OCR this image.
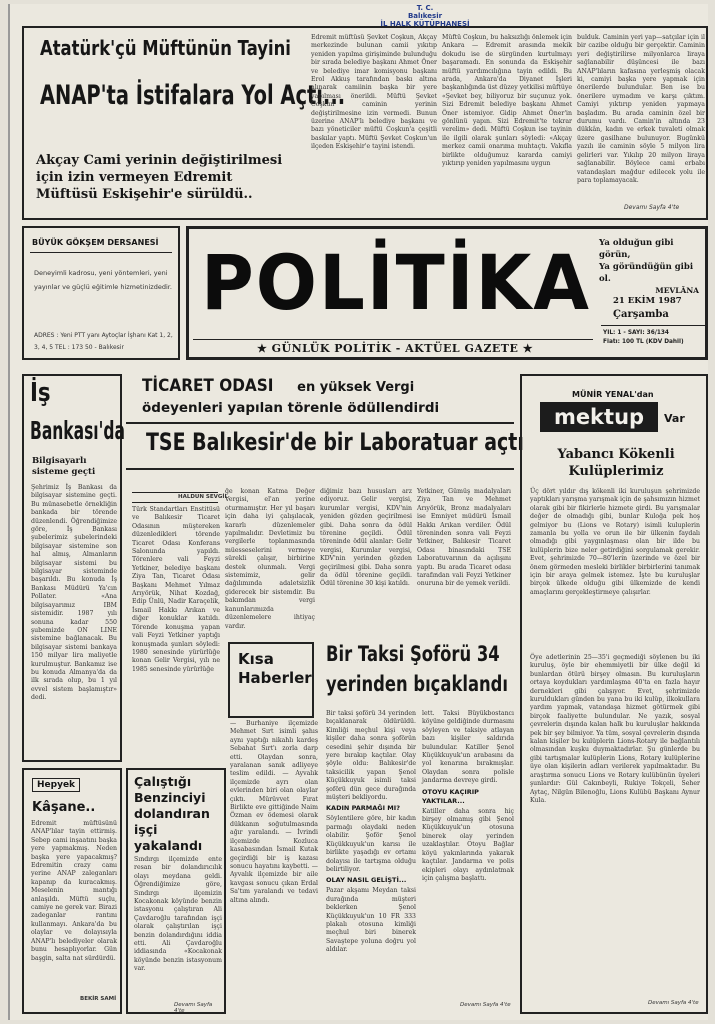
T. C.
Balıkesir
İL HALK KÜTÜPHANESİ
Atatürk'çü Müftünün Tayini
ANAP'ta İstifalara Yol Açtı...
Akçay Cami yerinin değiştirilmesi için izin vermeyen Edremit Müftüsü Eskişehir'e sürüldü..
Edremit müftüsü Şevket Coşkun, Akçay merkezinde bulunan camii yıkıtıp yeniden yapılma girişiminde bulunduğu bir sırada belediye başkanı Ahmet Öner ve belediye imar komisyonu başkanı Erol Akkuş tarafından baskı altına alınarak camiinin başka bir yere yapılması önerildi. Müftü Şevket Coşkun caminin yerinin değiştirilmesine izin vermedi. Bunun üzerine ANAP'lı belediye başkanı ve bazı yöneticiler müftü Coşkun'a çeşitli baskılar yaptı. Müftü Şevket Coşkun'un ilçeden Eskişehir'e tayini istendi.
Müftü Coşkun, bu haksızlığı önlemek için Ankara — Edremit arasında mekik dokudu ise de sürgünden kurtulmayı başaramadı. En sonunda da Eskişehir müftü yardımcılığına tayin edildi. Bu arada, Ankara'da Diyanet İşleri başkanlığında üst düzey yetkilisi müftüye «Şevket bey, biliyoruz bir suçunuz yok. Sizi Edremit belediye başkanı Ahmet Öner istemiyor. Gidip Ahmet Öner'in gönlünü yapın. Sizi Edremit'te tekrar verelim» dedi. Müftü Coşkun ise tayinin ile ilgili olarak şunları söyledi: «Akçay merkez camii onarıma muhtaçtı. Vakıfla birlikte olduğumuz kararda camiyi yıktırıp yeniden yapılmasını uygun
bulduk. Caminin yeri yap—satçılar için il bir cazibe olduğu bir gerçektir. Caminin yeri değiştirilirse milyonlarca liraya sağlanabilir düşüncesi ile bazı ANAP'lıların kafasına yerleşmiş olacak ki, camiyi başka yere yapmak için önerilerde bulundular. Ben ise bu önerilere uymadım ve karşı çıktım. Camiyi yıktırıp yeniden yapmaya başladım. Bu arada caminin özel bir durumu vardı. Camin'in altında 23 dükkân, kadın ve erkek tuvaleti olmak üzere gasilhane bulunuyor. Bugünkü yazılı ile caminin söyle 5 milyon lira gelirleri var. Yıkılıp 20 milyon liraya sağlanabilir. Böylece cami erbabı vatandaşları mağdur edilecek yolu ile para toplamayacak.
Devamı Sayfa 4'te
BÜYÜK GÖKŞEM DERSANESİ
Deneyimli kadrosu, yeni yöntemleri, yeni yayınlar ve güçlü eğitimle hizmetinizdedir.
ADRES : Yeni PTT yanı Aytoçlar İşhanı Kat 1, 2, 3, 4, 5 TEL : 173 50 - Balıkesir
POLİTİKA Ya olduğun gibi görün,
Ya göründüğün gibi ol.
MEVLÂNA
21 EKİM 1987
Çarşamba
YIL: 1 - SAYI: 36/134
Fiatı: 100 TL (KDV Dahil)
★ GÜNLÜK POLİTİK - AKTÜEL GAZETE ★
İş
Bankası'da
Bilgisayarlı sisteme geçti
Şehrimiz İş Bankası da bilgisayar sistemine geçti. Bu münasebetle örnekliğin bankada bir törende düzenlendi. Öğrendiğimize göre, İş Bankası şubelerimiz şubelerindeki bilgisayar sistemine son hal almış, Almanların bilgisayar sistemi bu bilgisayar sisteminde başarıldı. Bu konuda İş Bankası Müdürü Ya'cın Pollater. «Ana bilgisayarımız IBM sistemidir. 1987 yılı sonuna kadar 550 şubemizde ON LINE sistemine bağlanacak. Bu bilgisayar sistemi bankaya 150 milyar lira maliyetle kurulmuştur. Bankamız ise bu konuda Almanya'da da ilk sırada olup, bu 1 yıl evvel sistem başlamıştır» dedi.
Hepyek
Kâşane..
Edremit müftüsünü ANAP'lılar tayin ettirmiş. Sebep cami inşaatını başka yere yapmakmış. Neden başka yere yapacakmış? Edremitin crazy camı yerine ANAP zaleganları kapanıp da kuracakmış. Meselenin mantığı anlaşıldı. Müftü suçlu, camiye ne gerek var. Birazi zadeganlar rantını kullanmayı. Ankara'da bu olaylar ve dolayısıyla ANAP'lı belediyeler olarak bunu hesaplıyorlar. Gün başgin, salta nat sürdürdü.
BEKİR SAMİ
TİCARET ODASI en yüksek Vergi
ödeyenleri yapılan törenle ödüllendirdi
TSE Balıkesir'de bir Laboratuar açtı
HALDUN SEVGİL
Türk Standartları Enstitüsü ve Balıkesir Ticaret Odasının müştereken düzenledikleri törende Ticaret Odası Konferans Salonunda yapıldı. Törenlere vali Feyzi Yetkiner, belediye başkanı Ziya Tan, Ticaret Odası Başkanı Mehmet Yılmaz Arıyörük, Nihat Kozdağ, Edip Ünlü, Nadir Karaçelik, İsmail Hakkı Arıkan ve diğer konuklar katıldı. Törende konuşma yapan vali Feyzi Yetkiner yaptığı konuşmada şunları söyledi: 1980 senesinde yürürlüğe konan Gelir Vergisi, yılı ne 1985 senesinde yürürlüğe
ğe konan Katma Değer Vergisi, el'an yerine oturmamıştır. Her yıl başarı için daha iyi çalışılacak, kararlı düzenlemeler yapılmalıdır. Devletimiz bu vergilerle toplanmasında müesseselerini vermeye sürekli çalışır, birbirine destek olunmalı. Vergi sistemimiz, gelir dağılımında adaletsizlik giderecek bir sistemdir. Bu bakımdan vergi kanunlarımızda düzenlemelere ihtiyaç vardır.
diğimiz bazı hususları arz ediyoruz. Gelir vergisi, kurumlar vergisi, KDV'nin yeniden gözden geçirilmesi gibi. Daha sonra da ödül törenine geçildi. Ödül töreninde ödül alanlar: Gelir vergisi, Kurumlar vergisi, KDV'nin yerinden gözden geçirilmesi gibi. Daha sonra da ödül törenine geçildi. Ödül törenine 30 kişi katıldı.
Yetkiner, Gümüş madalyaları Ziya Tan ve Mehmet Arıyörük, Bronz madalyaları ise Emniyet müdürü İsmail Hakkı Arıkan verdiler. Ödül töreninden sonra vali Feyzi Yetkiner, Balıkesir Ticaret Odası binasındaki TSE Laboratuvarının da açılışını yaptı. Bu arada Ticaret odası tarafından vali Feyzi Yetkiner onuruna bir de yemek verildi.
Kısa
Haberler
— Burhaniye ilçemizde Mehmet Sırt isimli şahıs aynı yaptığı nikahlı kardeş Sebahat Sırt'ı zorla darp etti. Olaydan sonra, yaralanan sanık adliyeye teslim edildi. — Ayvalık ilçemizde ayrı olan evlerinden biri olan olaylar çıktı. Mürüvvet Fırat Birlikte eve gittiğinde Naim Özman ev ödemesi olarak dükkanın soğutulmasında ağır yaralandı. — İvrindi ilçemizde Kozluca kasabasından İsmail Kutak geçirdiği bir iş kazası sonucu hayatını kaybetti. — Ayvalık ilçemizde bir aile kavgası sonucu çıkan Erdal Sa'tım yaralandı ve tedavi altına alındı.
Çalıştığı Benzinciyi dolandıran işçi yakalandı
Sındırgı ilçemizde ente resan bir dolandırıcılık olayı meydana geldi. Öğrendiğimize göre, Sındırgı ilçemizin Kocakonak köyünde benzin istasyonu çalıştıran Ali Çavdaroğlu tarafından işçi olarak çalıştırılan işçi benzin dolandırdığını iddia etti. Ali Çavdaroğlu iddiasında «Kocakonak köyünde benzin istasyonum var.
Devamı Sayfa 4'te
Bir Taksi Şoförü 34
yerinden bıçaklandı
Bir taksi şoförü 34 yerinden bıçaklanarak öldürüldü. Kimliği meçhul kişi veya kişiler daha sonra şoförün cesedini şehir dışında bir yere bırakıp kaçtılar. Olay şöyle oldu: Balıkesir'de taksicilik yapan Şenol Küçükkuyuk isimli taksi şoförü dün gece durağında müşteri bekliyordu.
KADIN PARMAĞI MI?
Söylentilere göre, bir kadın parmağı olaydaki neden olabilir. Şoför Şenol Küçükkuyuk'un karısı ile birlikte yaşadığı ev ortamı dolayısı ile tartışma olduğu belirtiliyor.
OLAY NASIL GELİŞTİ...
Pazar akşamı Meydan taksi durağında müşteri beklerken Şenol Küçükkuyuk'un 10 FR 333 plakalı otosuna kimliği meçhul biri binerek Savaştepe yoluna doğru yol aldılar.
lett. Taksi Büyükbostancı köyüne geldiğinde durmasını söyleyen ve taksiye atlayan bazı kişiler saldırıda bulundular. Katiller Şenol Küçükkuyuk'un arabasını da yol kenarına bırakmışlar. Olaydan sonra polisle jandarma devreye girdi.
OTOYU KAÇIRIP YAKTILAR...
Katiller daha sonra hiç birşey olmamış gibi Şenol Küçükkuyuk'un otosuna binerek olay yerinden uzaklaştılar. Otoyu Bağlar köyü yakınlarında yakarak kaçtılar. Jandarma ve polis ekipleri olayı aydınlatmak için çalışma başlattı.
Devamı Sayfa 4'te
MÜNİR YENAL'dan
mektup	Var
Yabancı Kökenli
Kulüplerimiz
Üç dört yıldır dış kökenli iki kuruluşun şehrimizde yaptıkları yarışma yarışmak için de şahsımızın hizmet olarak gibi bir fikirlerle hizmete girdi. Bu yarışmalar değer de olmadığı gibi, bunlar Kuloğa pek hoş gelmiyor bu (Lions ve Rotary) isimli kuluplerin zamanla bu yolla ve orun ile bir ülkenin faydalı olmadığı gibi yaygınlaşması olan bir ilde bu kulüplerin bize neler getirdiğini sorgulamak gerekir. Evet, şehrimizde 70—80'lerin üzerinde ve özel bir önem görmeden mesleki birlikler birbirlerini tanımak için bir araya gelmek istemez. İşte bu kuruluşlar birçok ülkede olduğu gibi ülkemizde de kendi amaçlarını gerçekleştirmeye çalışırlar.
Öye adetlerinin 25—35'i geçmediği söylenen bu iki kuruluş, öyle bir ehemmiyetli bir ülke değil ki bunlardan ötürü birşey olmasın. Bu kuruluşların ortaya koydukları yardımlaşma 40'ta en fazla hayır dernekleri gibi çalışıyor. Evet, şehrimizde kuruldukları günden bu yana bu iki kulüp, ilkokullara yardım yapmak, vatandaşa hizmet götürmek gibi birçok faaliyette bulundular. Ne yazık, sosyal çevrelerin dışında kalan halk bu kuruluşlar hakkında pek bir şey bilmiyor. Ya tüm, sosyal çevrelerin dışında kalan kişiler bu kulüplerin Lions-Rotary ile bağlantılı olmasından kuşku duymaktadırlar. Şu günlerde bu gibi tartışmalar kulüplerin Lions, Rotary kulüplerine üye olan kişilerin adları verilerek yapılmaktadır. Bu araştırma sonucu Lions ve Rotary kulübünün üyeleri şunlardır: Gül Cakınbeyli, Rukiye Tokçeli, Seher Aytaç, Nilgün Bilenoğlu, Lions Kulübü Başkanı Aynur Kula.
Devamı Sayfa 4'te
